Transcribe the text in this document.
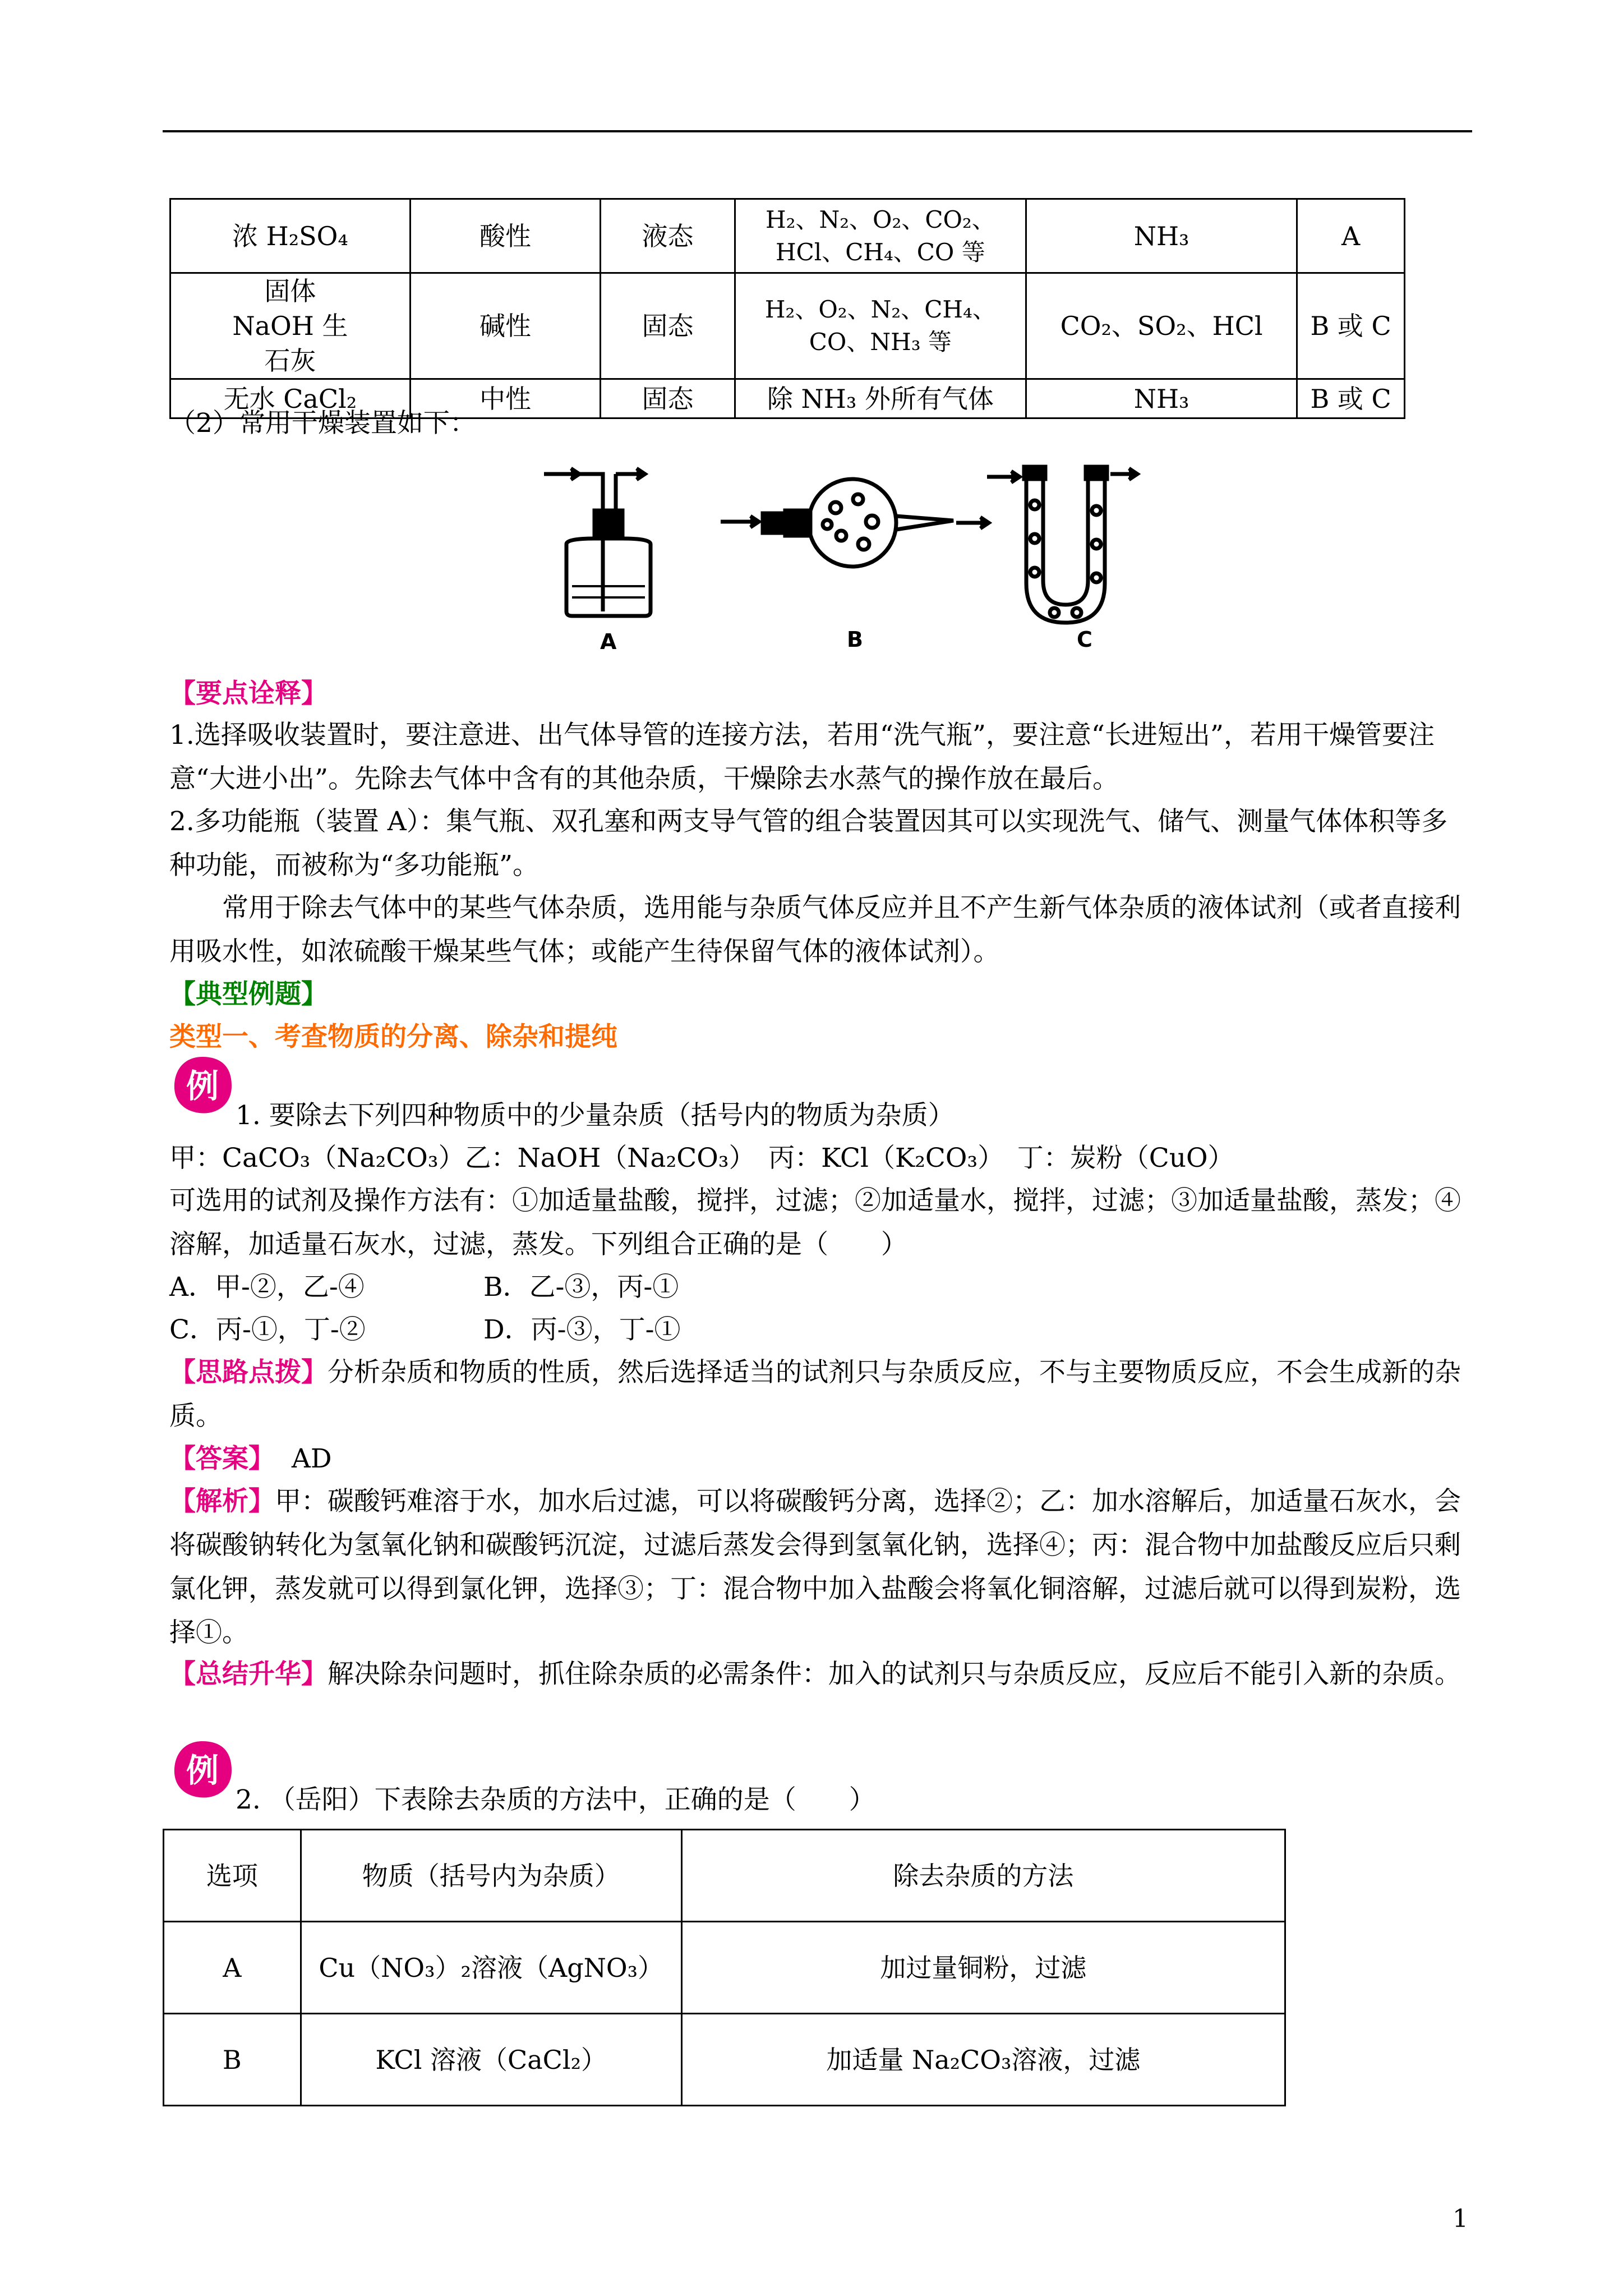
浓 H₂SO₄	酸性	液态	H₂、N₂、O₂、CO₂、HCl、CH₄、CO 等	NH₃	A
固体 NaOH 生石灰	碱性	固态	H₂、O₂、N₂、CH₄、CO、NH₃ 等	CO₂、SO₂、HCl	B 或 C
无水 CaCl₂	中性	固态	除 NH₃ 外所有气体	NH₃	B 或 C
（2）常用干燥装置如下：
A	B	C
【要点诠释】
1.选择吸收装置时，要注意进、出气体导管的连接方法，若用“洗气瓶”，要注意“长进短出”，若用干燥管要注意“大进小出”。先除去气体中含有的其他杂质，干燥除去水蒸气的操作放在最后。
2.多功能瓶（装置 A）：集气瓶、双孔塞和两支导气管的组合装置因其可以实现洗气、储气、测量气体体积等多种功能，而被称为“多功能瓶”。
常用于除去气体中的某些气体杂质，选用能与杂质气体反应并且不产生新气体杂质的液体试剂（或者直接利用吸水性，如浓硫酸干燥某些气体；或能产生待保留气体的液体试剂）。
【典型例题】
类型一、考查物质的分离、除杂和提纯
例
1. 要除去下列四种物质中的少量杂质（括号内的物质为杂质）
甲：CaCO₃（Na₂CO₃）乙：NaOH（Na₂CO₃）　丙：KCl（K₂CO₃）　丁：炭粉（CuO）
可选用的试剂及操作方法有：①加适量盐酸，搅拌，过滤；②加适量水，搅拌，过滤；③加适量盐酸，蒸发；④溶解，加适量石灰水，过滤，蒸发。下列组合正确的是（　　）
A．甲-②，乙-④	B．乙-③，丙-①
C．丙-①，丁-②	D．丙-③，丁-①
【思路点拨】分析杂质和物质的性质，然后选择适当的试剂只与杂质反应，不与主要物质反应，不会生成新的杂质。
【答案】 AD
【解析】甲：碳酸钙难溶于水，加水后过滤，可以将碳酸钙分离，选择②；乙：加水溶解后，加适量石灰水，会将碳酸钠转化为氢氧化钠和碳酸钙沉淀，过滤后蒸发会得到氢氧化钠，选择④；丙：混合物中加盐酸反应后只剩氯化钾，蒸发就可以得到氯化钾，选择③；丁：混合物中加入盐酸会将氧化铜溶解，过滤后就可以得到炭粉，选择①。
【总结升华】解决除杂问题时，抓住除杂质的必需条件：加入的试剂只与杂质反应，反应后不能引入新的杂质。
例
2. （岳阳）下表除去杂质的方法中，正确的是（　　）
选项	物质（括号内为杂质）	除去杂质的方法
A	Cu（NO₃）₂溶液（AgNO₃）	加过量铜粉，过滤
B	KCl 溶液（CaCl₂）	加适量 Na₂CO₃溶液，过滤
1
